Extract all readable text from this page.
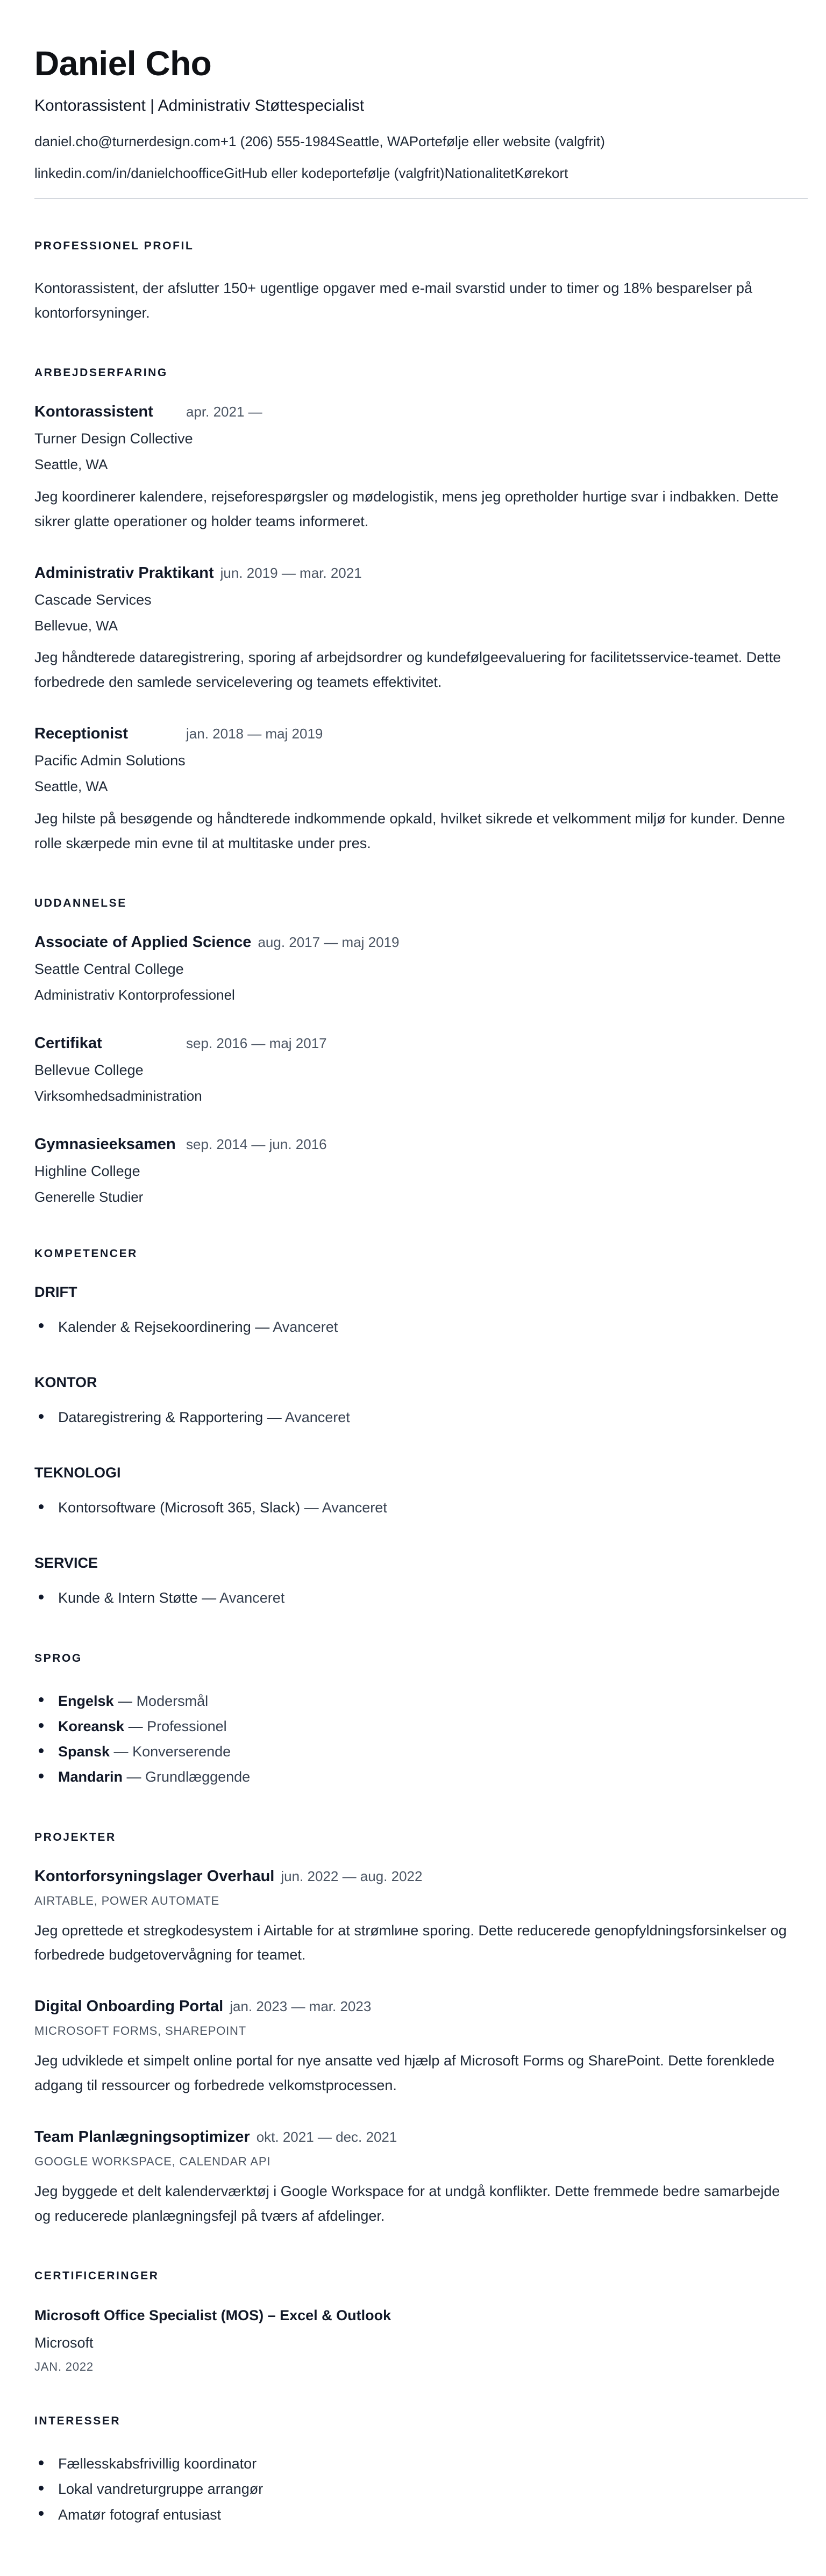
Daniel Cho
Kontorassistent | Administrativ Støttespecialist
daniel.cho@turnerdesign.com+1 (206) 555-1984Seattle, WAPortefølje eller website (valgfrit)
linkedin.com/in/danielchoofficeGitHub eller kodeportefølje (valgfrit)NationalitetKørekort
PROFESSIONEL PROFIL

Kontorassistent, der afslutter 150+ ugentlige opgaver med e-mail svarstid under to timer og 18% besparelser på kontorforsyninger.

ARBEJDSERFARING
Kontorassistent	apr. 2021 —
Turner Design Collective
Seattle, WA

Jeg koordinerer kalendere, rejseforespørgsler og mødelogistik, mens jeg opretholder hurtige svar i indbakken. Dette sikrer glatte operationer og holder teams informeret.

Administrativ Praktikant jun. 2019 — mar. 2021
Cascade Services
Bellevue, WA

Jeg håndterede dataregistrering, sporing af arbejdsordrer og kundefølgeevaluering for facilitetsservice-teamet. Dette forbedrede den samlede servicelevering og teamets effektivitet.

Receptionist	jan. 2018 — maj 2019
Pacific Admin Solutions
Seattle, WA

Jeg hilste på besøgende og håndterede indkommende opkald, hvilket sikrede et velkomment miljø for kunder. Denne rolle skærpede min evne til at multitaske under pres.

UDDANNELSE
Associate of Applied Science aug. 2017 — maj 2019
Seattle Central College
Administrativ Kontorprofessionel
Certifikat	sep. 2016 — maj 2017
Bellevue College
Virksomhedsadministration
Gymnasieeksamen sep. 2014 — jun. 2016
Highline College
Generelle Studier
KOMPETENCER
DRIFT
Kalender & Rejsekoordinering — Avanceret
KONTOR
Dataregistrering & Rapportering — Avanceret
TEKNOLOGI
Kontorsoftware (Microsoft 365, Slack) — Avanceret
SERVICE
Kunde & Intern Støtte — Avanceret
SPROG
Engelsk — Modersmål
Koreansk — Professionel
Spansk — Konverserende
Mandarin — Grundlæggende
PROJEKTER
Kontorforsyningslager Overhaul jun. 2022 — aug. 2022
AIRTABLE, POWER AUTOMATE

Jeg oprettede et stregkodesystem i Airtable for at strømlине sporing. Dette reducerede genopfyldningsforsinkelser og forbedrede budgetovervågning for teamet.

Digital Onboarding Portal jan. 2023 — mar. 2023
MICROSOFT FORMS, SHAREPOINT

Jeg udviklede et simpelt online portal for nye ansatte ved hjælp af Microsoft Forms og SharePoint. Dette forenklede adgang til ressourcer og forbedrede velkomstprocessen.

Team Planlægningsoptimizer okt. 2021 — dec. 2021
GOOGLE WORKSPACE, CALENDAR API

Jeg byggede et delt kalenderværktøj i Google Workspace for at undgå konflikter. Dette fremmede bedre samarbejde og reducerede planlægningsfejl på tværs af afdelinger.

CERTIFICERINGER
Microsoft Office Specialist (MOS) – Excel & Outlook
Microsoft
JAN. 2022
INTERESSER
Fællesskabsfrivillig koordinator
Lokal vandreturgruppe arrangør
Amatør fotograf entusiast
